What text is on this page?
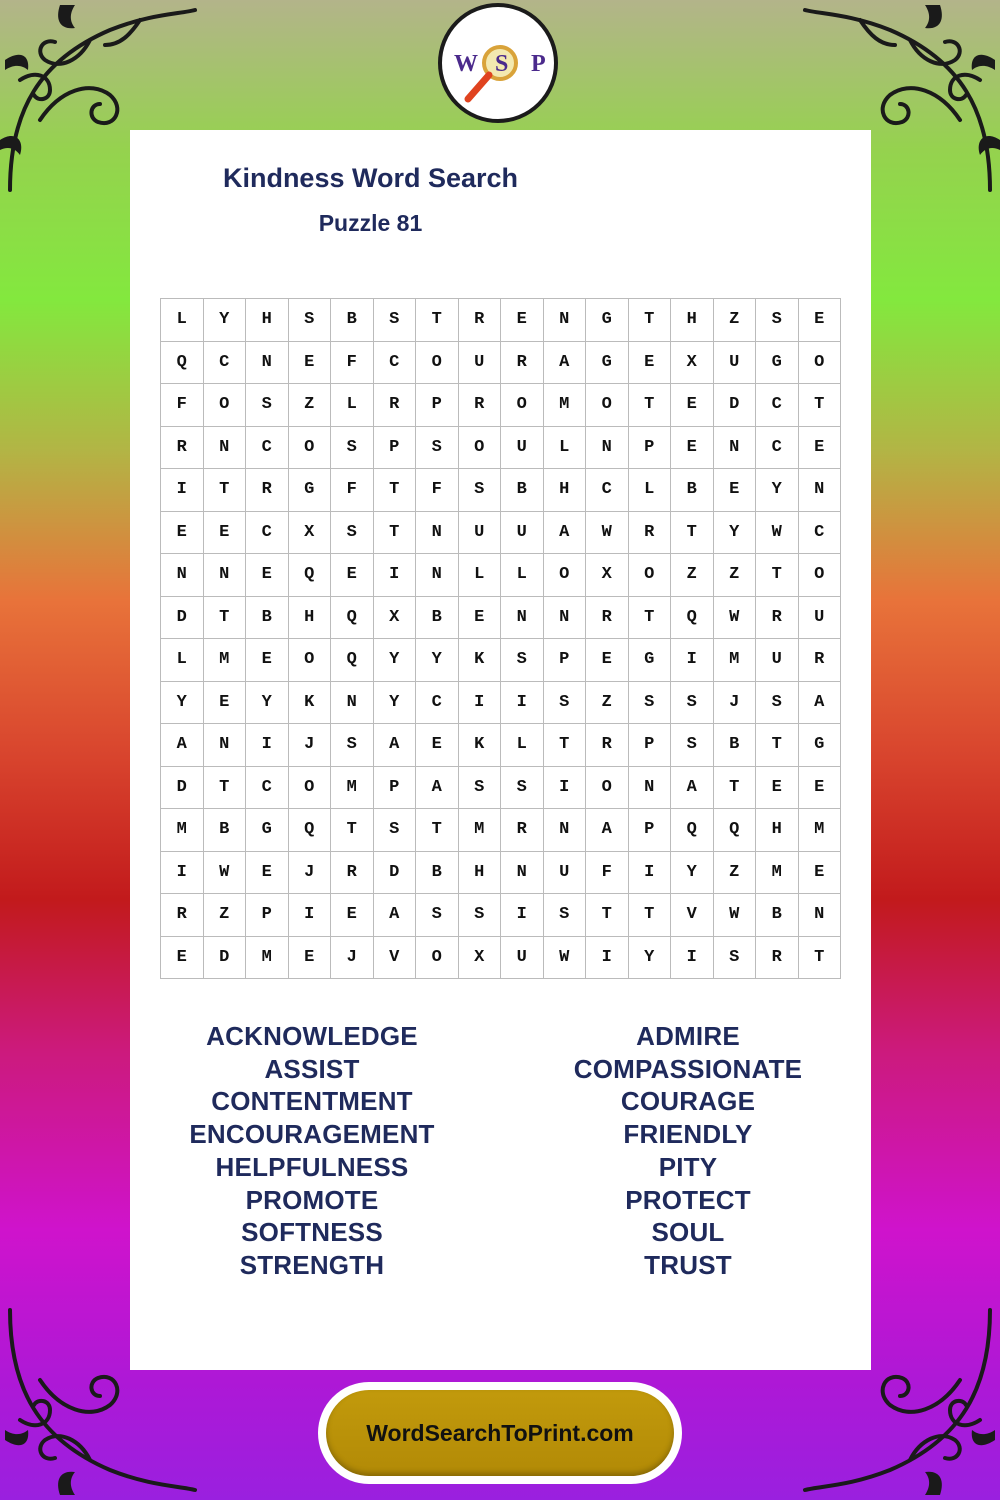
W S P
Kindness Word Search
Puzzle 81
L	Y	H	S	B	S	T	R	E	N	G	T	H	Z	S	E
Q	C	N	E	F	C	O	U	R	A	G	E	X	U	G	O
F	O	S	Z	L	R	P	R	O	M	O	T	E	D	C	T
R	N	C	O	S	P	S	O	U	L	N	P	E	N	C	E
I	T	R	G	F	T	F	S	B	H	C	L	B	E	Y	N
E	E	C	X	S	T	N	U	U	A	W	R	T	Y	W	C
N	N	E	Q	E	I	N	L	L	O	X	O	Z	Z	T	O
D	T	B	H	Q	X	B	E	N	N	R	T	Q	W	R	U
L	M	E	O	Q	Y	Y	K	S	P	E	G	I	M	U	R
Y	E	Y	K	N	Y	C	I	I	S	Z	S	S	J	S	A
A	N	I	J	S	A	E	K	L	T	R	P	S	B	T	G
D	T	C	O	M	P	A	S	S	I	O	N	A	T	E	E
M	B	G	Q	T	S	T	M	R	N	A	P	Q	Q	H	M
I	W	E	J	R	D	B	H	N	U	F	I	Y	Z	M	E
R	Z	P	I	E	A	S	S	I	S	T	T	V	W	B	N
E	D	M	E	J	V	O	X	U	W	I	Y	I	S	R	T
ACKNOWLEDGE
ASSIST
CONTENTMENT
ENCOURAGEMENT
HELPFULNESS
PROMOTE
SOFTNESS
STRENGTH
ADMIRE
COMPASSIONATE
COURAGE
FRIENDLY
PITY
PROTECT
SOUL
TRUST
WordSearchToPrint.com
